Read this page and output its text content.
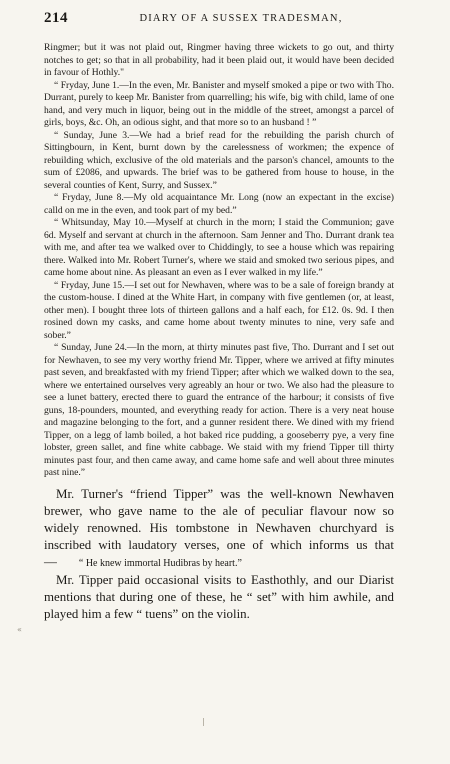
214	DIARY OF A SUSSEX TRADESMAN,

Ringmer; but it was not plaid out, Ringmer having three wickets to go out, and thirty notches to get; so that in all probability, had it been plaid out, it would have been decided in favour of Hothly."

“ Fryday, June 1.—In the even, Mr. Banister and myself smoked a pipe or two with Tho. Durrant, purely to keep Mr. Banister from quarrelling; his wife, big with child, lame of one hand, and very much in liquor, being out in the middle of the street, amongst a parcel of girls, boys, &c. Oh, an odious sight, and that more so to an husband ! ”

“ Sunday, June 3.—We had a brief read for the rebuilding the parish church of Sittingbourn, in Kent, burnt down by the carelessness of workmen; the expence of rebuilding which, exclusive of the old materials and the parson's chancel, amounts to the sum of £2086, and upwards. The brief was to be gathered from house to house, in the several counties of Kent, Surry, and Sussex.”

“ Fryday, June 8.—My old acquaintance Mr. Long (now an expectant in the excise) calld on me in the even, and took part of my bed.”

“ Whitsunday, May 10.—Myself at church in the morn; I staid the Communion; gave 6d. Myself and servant at church in the afternoon. Sam Jenner and Tho. Durrant drank tea with me, and after tea we walked over to Chiddingly, to see a house which was repairing there. Walked into Mr. Robert Turner's, where we staid and smoked two serious pipes, and came home about nine. As pleasant an even as I ever walked in my life.”

“ Fryday, June 15.—I set out for Newhaven, where was to be a sale of foreign brandy at the custom-house. I dined at the White Hart, in company with five gentlemen (or, at least, other men). I bought three lots of thirteen gallons and a half each, for £12. 0s. 9d. I then rosined down my casks, and came home about twenty minutes to nine, very safe and sober.”

“ Sunday, June 24.—In the morn, at thirty minutes past five, Tho. Durrant and I set out for Newhaven, to see my very worthy friend Mr. Tipper, where we arrived at fifty minutes past seven, and breakfasted with my friend Tipper; after which we walked down to the sea, where we entertained ourselves very agreably an hour or two. We also had the pleasure to see a lunet battery, erected there to guard the entrance of the harbour; it consists of five guns, 18-pounders, mounted, and everything ready for action. There is a very neat house and magazine belonging to the fort, and a gunner resident there. We dined with my friend Tipper, on a legg of lamb boiled, a hot baked rice pudding, a gooseberry pye, a very fine lobster, green sallet, and fine white cabbage. We staid with my friend Tipper till thirty minutes past four, and then came away, and came home safe and well about three minutes past nine.”

Mr. Turner's “friend Tipper” was the well-known Newhaven brewer, who gave name to the ale of peculiar flavour now so widely renowned. His tombstone in Newhaven churchyard is inscribed with laudatory verses, one of which informs us that— “ He knew immortal Hudibras by heart.”

Mr. Tipper paid occasional visits to Easthothly, and our Diarist mentions that during one of these, he “ set” with him awhile, and played him a few “ tuens” on the violin.

«
